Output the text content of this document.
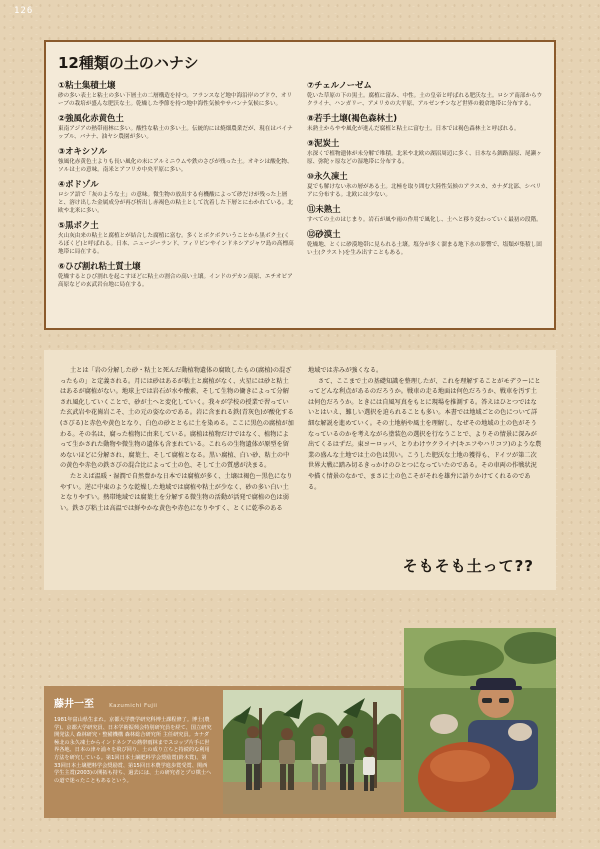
126
12種類の土のハナシ
①粘土集積土壌
砂の多い表土と粘土の多い下層土の二層構造を持つ。フランスなど地中海沿岸のブドウ、オリーブの栽培が盛んな肥沃な土。乾燥した季節を持つ地中海性気候やサバンナ気候に多い。
②強風化赤黄色土
東南アジアの熱帯雨林に多い。酸性な粘土の多い土。伝統的には焼畑農業だが、現在はパイナップル、バナナ、油ヤシ農園が多い。
③オキシソル
強風化赤黄色土よりも長い風化の末にアルミニウムや鉄のさびが残った土。オキシは酸化物、ソルは土の意味。南米とアフリカ中央平原に多い。
④ポドゾル
ロシア語で「灰のような土」の意味。微生物の放出する有機酸によって砂だけが残った上層と、溶け出した金属成分が再び析出し赤褐色の粘土として沈着した下層とにわかれている。北欧や北米に多い。
⑤黒ボク土
火山灰由来の粘土と腐植とが結合した腐植に富む。多くとボクボクいうことから黒ボク土(くろぼくど)と呼ばれる。日本、ニュージーランド、フィリピンやインドネシアジャワ島の高標高地帯に局在する。
⑥ひび割れ粘土質土壌
乾燥するとひび割れを起こすほどに粘土の割合の高い土壌。インドのデカン高原、エチオピア高原などの玄武岩台地に局在する。
⑦チェルノーゼム
乾いた草原の下の黒土。腐植に富み、中性。土の皇帝と呼ばれる肥沃な土。ロシア南部からウクライナ、ハンガリー、アメリカの大平原、アルゼンチンなど世界の穀倉地帯に分布する。
⑧若手土壌(褐色森林土)
未熟土からやや風化が進んだ腐植と粘土に富む土。日本では褐色森林土と呼ばれる。
⑨泥炭土
水深くで植物遺体が未分解で堆積。北米や北欧の湖沼周辺に多く、日本なら釧路湿原、尾瀬ヶ原、弥陀ヶ原などの湿地帯に分布する。
⑩永久凍土
夏でも解けない氷の層がある土。北極を取り囲む大陸性気候のアラスカ、カナダ北部、シベリアに分布する。北欧には少ない。
⑪未熟土
すべての土のはじまり。岩石が風や雨の作用で風化し、土へと移り変わっていく最初の段階。
⑫砂漠土
乾燥地、とくに砂漠地帯に見られる土壌。塩分が多く溜まる地下水の影響で、塩類が集積し固い土(クラスト)を生み出すこともある。
土とは「岩の分解した砂・粘土と死んだ動植物遺体の腐敗したもの(腐植)の混ざったもの」と定義される。月には砂はあるが粘土と腐植がなく、火星には砂と粘土はあるが腐植がない。地球上では岩石が水や酸素、そして生物の働きによって分解され風化していくことで、砂が土へと変化していく。我々が学校の授業で習っていた玄武岩や花崗岩こそ、土の元の姿なのである。岩に含まれる鉄(青灰色)が酸化する(さびる)と赤色や黄色となり、白色の砂とともに土を染める。ここに黒色の腐植が加わる。その名は、腐った植物に由来している。腐植は植物だけではなく、植物によって生かされた動物や微生物の遺体も含まれている。これらの生物遺体が原型を留めないほどに分解され、腐葉土、そして腐植となる。黒い腐植、白い砂、粘土の中の黄色や赤色の鉄さびの混合比によって土の色、そして土の質感が決まる。
たとえば温暖・湿潤で自然豊かな日本では腐植が多く、土壌は褐色〜黒色になりやすい。逆に中東のような乾燥した地域では腐植や粘土が少なく、砂の多い白い土となりやすい。熱帯地域では腐葉土を分解する微生物の活動が活発で腐植の色は弱い。鉄さび粘土は高温では鮮やかな黄色や赤色になりやすく、とくに乾季のある
地域では赤みが強くなる。
さて、ここまで土の基礎知識を整理したが、これを理解することがモデラーにとってどんな利点があるのだろうか。戦車の走る地面は何色だろうか、戦車を汚す土は何色だろうか。ときには自風写真をもとに現場を推測する。答えはひとつではないとはいえ、難しい選択を迫られることも多い。本書では地域ごとの色について詳細な解説を進めていく。その土地柄や風土を理解し、なぜその地域の土の色がそうなっているのかを考えながら塗装色の選択を行なうことで、よりその情景に深みが出てくるはずだ。東ヨーロッパ、とりわけウクライナ(キエフやハリコフ)のような農業の盛んな土地では土の色は黒い。こうした肥沃な土地の獲得も、ドイツが第二次世界大戦に踏み切るきっかけのひとつになっていたのである。その車両の作戦状況や描く情景のなかで、まさに土の色こそがそれを雄弁に語りかけてくれるのである。
そもそも土って??
藤井一至	Kazumichi Fujii
1981年富山県生まれ。京都大学農学研究科博士課程修了。博士(農学)。京都大学研究員、日本学術振興会特別研究員を経て、国立研究開発法人 森林研究・整備機構 森林総合研究所 主任研究員。カナダ極北の永久凍土からインドネシアの熱帯雨林までスコップ片手に世界各地、日本の津々浦々を飛び回り、土の成り立ちと持続的な利用方法を研究している。第1回日本土壌肥料学会奨励賞(鈴木賞)、第33回日本土壌肥料学会奨励賞、第15回日本農学進歩賞受賞、関西学生主賞(2003)の開拓も持ち、過去には、土の研究者とプロ棋士への道で迷ったこともあるという。
